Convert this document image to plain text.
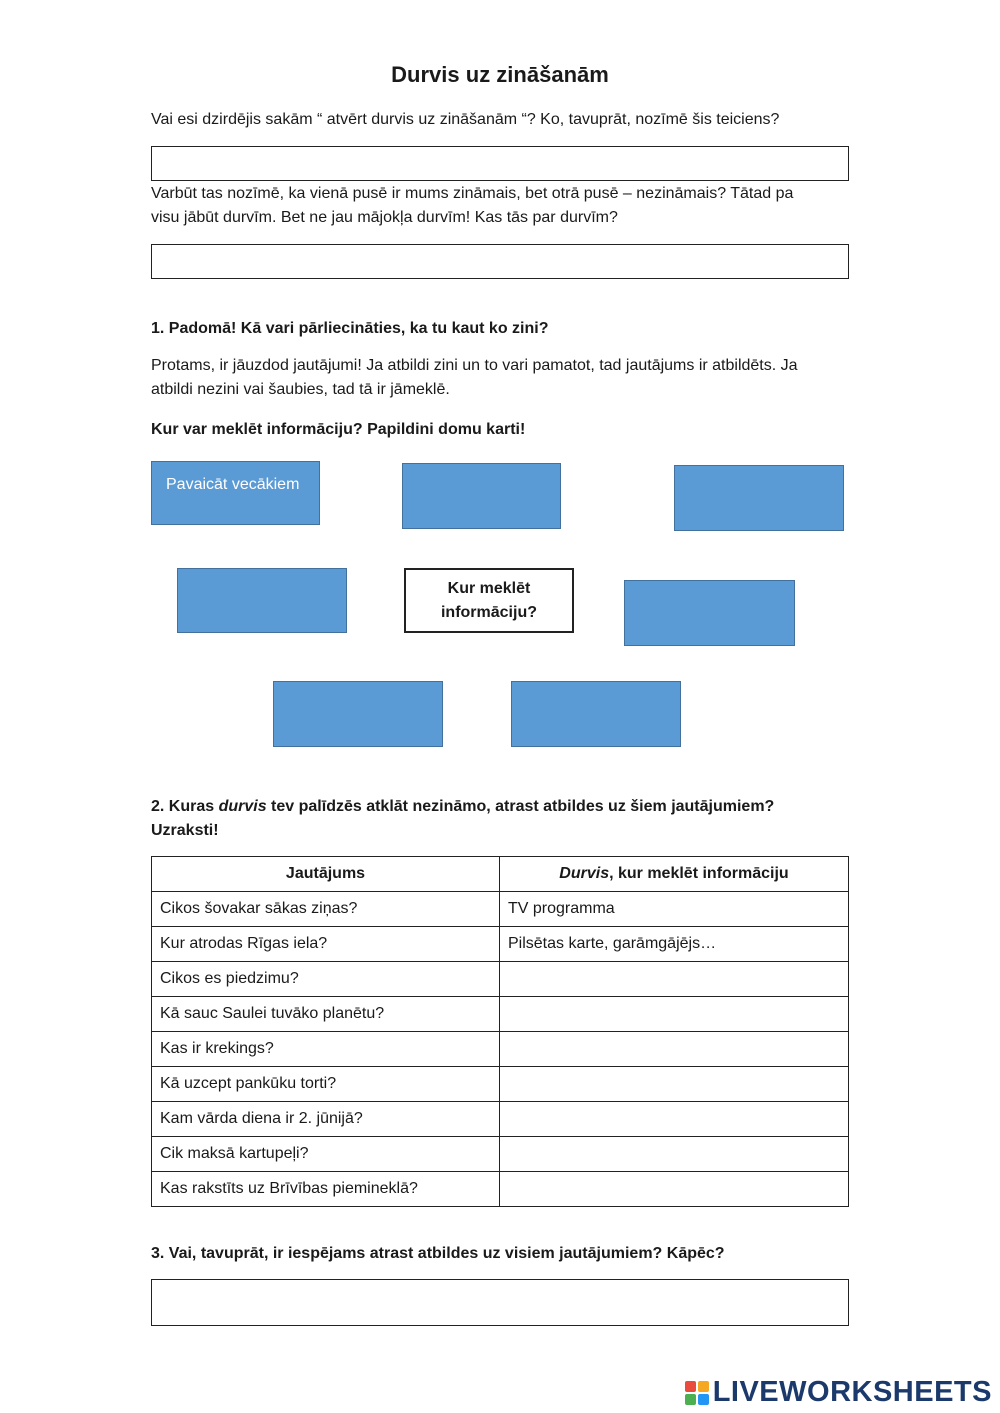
Durvis uz zināšanām
Vai esi dzirdējis sakām “ atvērt durvis uz zināšanām “? Ko, tavuprāt, nozīmē šis teiciens?
Varbūt tas nozīmē, ka vienā pusē ir mums zināmais, bet otrā pusē – nezināmais? Tātad pa
visu jābūt durvīm. Bet ne jau mājokļa durvīm! Kas tās par durvīm?
1. Padomā! Kā vari pārliecināties, ka tu kaut ko zini?
Protams, ir jāuzdod jautājumi! Ja atbildi zini un to vari pamatot, tad jautājums ir atbildēts. Ja
atbildi nezini vai šaubies, tad tā ir jāmeklē.
Kur var meklēt informāciju? Papildini domu karti!
Pavaicāt vecākiem
Kur meklēt
informāciju?
2. Kuras durvis tev palīdzēs atklāt nezināmo, atrast atbildes uz šiem jautājumiem?
Uzraksti!
Jautājums	Durvis, kur meklēt informāciju
Cikos šovakar sākas ziņas?	TV programma
Kur atrodas Rīgas iela?	Pilsētas karte, garāmgājējs…
Cikos es piedzimu?	
Kā sauc Saulei tuvāko planētu?	
Kas ir krekings?	
Kā uzcept pankūku torti?	
Kam vārda diena ir 2. jūnijā?	
Cik maksā kartupeļi?	
Kas rakstīts uz Brīvības piemineklā?	
3. Vai, tavuprāt, ir iespējams atrast atbildes uz visiem jautājumiem? Kāpēc?
LIVEWORKSHEETS
